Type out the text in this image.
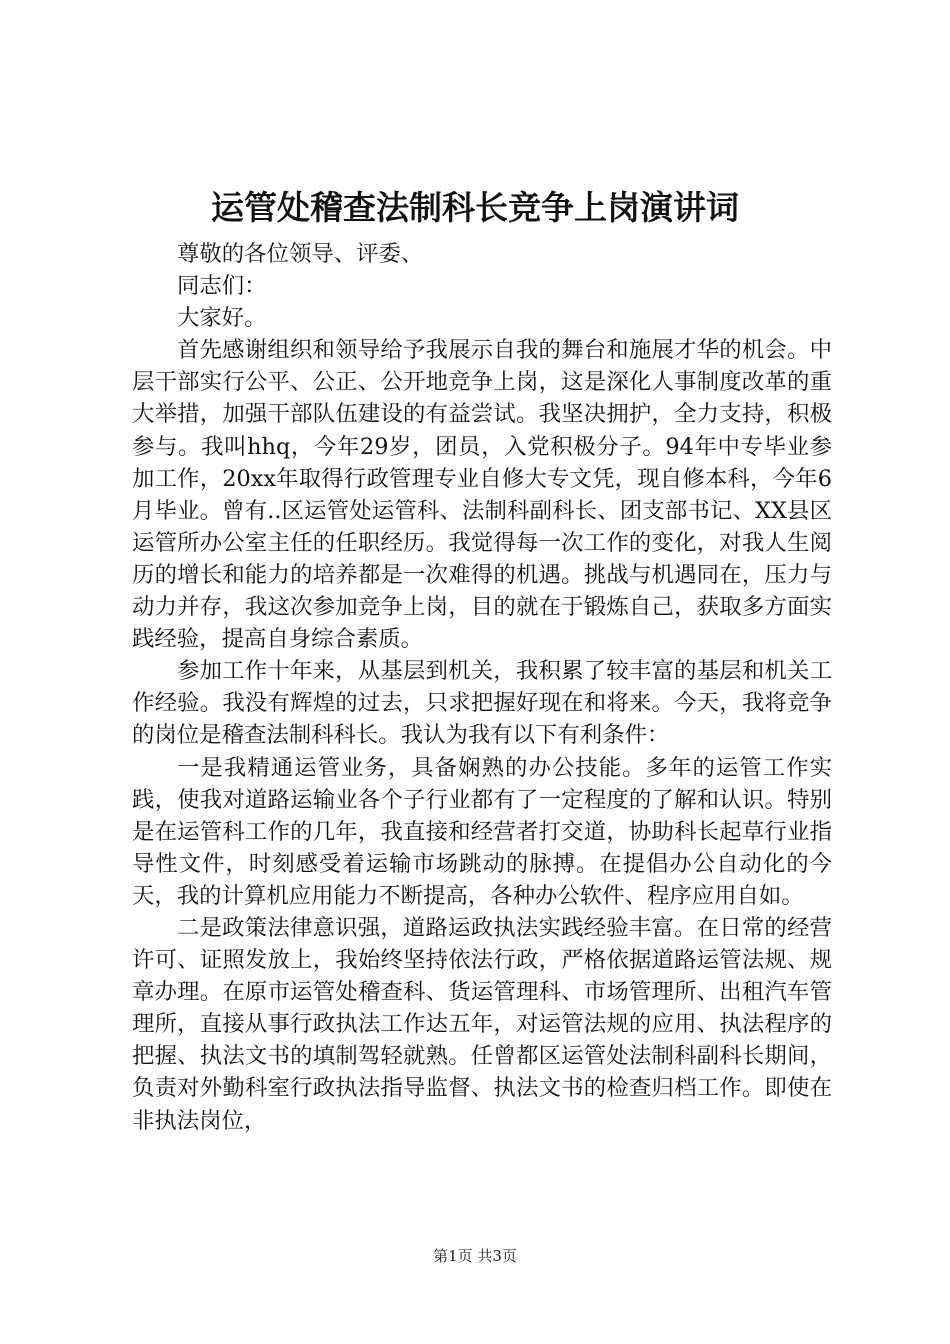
运管处稽查法制科长竞争上岗演讲词

尊敬的各位领导、评委、

同志们：

大家好。

首先感谢组织和领导给予我展示自我的舞台和施展才华的机会。中层干部实行公平、公正、公开地竞争上岗，这是深化人事制度改革的重大举措，加强干部队伍建设的有益尝试。我坚决拥护，全力支持，积极参与。我叫hhq，今年29岁，团员，入党积极分子。94年中专毕业参加工作，20xx年取得行政管理专业自修大专文凭，现自修本科，今年6月毕业。曾有..区运管处运管科、法制科副科长、团支部书记、XX县区运管所办公室主任的任职经历。我觉得每一次工作的变化，对我人生阅历的增长和能力的培养都是一次难得的机遇。挑战与机遇同在，压力与动力并存，我这次参加竞争上岗，目的就在于锻炼自己，获取多方面实践经验，提高自身综合素质。

参加工作十年来，从基层到机关，我积累了较丰富的基层和机关工作经验。我没有辉煌的过去，只求把握好现在和将来。今天，我将竞争的岗位是稽查法制科科长。我认为我有以下有利条件：

一是我精通运管业务，具备娴熟的办公技能。多年的运管工作实践，使我对道路运输业各个子行业都有了一定程度的了解和认识。特别是在运管科工作的几年，我直接和经营者打交道，协助科长起草行业指导性文件，时刻感受着运输市场跳动的脉搏。在提倡办公自动化的今天，我的计算机应用能力不断提高，各种办公软件、程序应用自如。

二是政策法律意识强，道路运政执法实践经验丰富。在日常的经营许可、证照发放上，我始终坚持依法行政，严格依据道路运管法规、规章办理。在原市运管处稽查科、货运管理科、市场管理所、出租汽车管理所，直接从事行政执法工作达五年，对运管法规的应用、执法程序的把握、执法文书的填制驾轻就熟。任曾都区运管处法制科副科长期间，负责对外勤科室行政执法指导监督、执法文书的检查归档工作。即使在非执法岗位，

第1页 共3页
